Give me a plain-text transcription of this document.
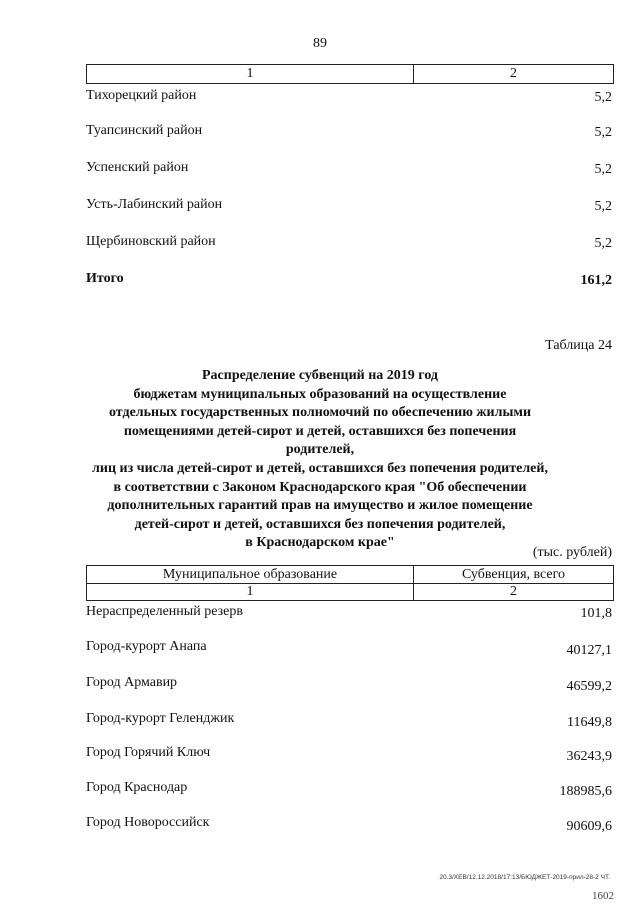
89
1	2
Тихорецкий район	5,2
Туапсинский район	5,2
Успенский район	5,2
Усть-Лабинский район	5,2
Щербиновский район	5,2
Итого	161,2
Таблица 24
Распределение субвенций на 2019 год
бюджетам муниципальных образований на осуществление
отдельных государственных полномочий по обеспечению жилыми
помещениями детей-сирот и детей, оставшихся без попечения родителей,
лиц из числа детей-сирот и детей, оставшихся без попечения родителей,
в соответствии с Законом Краснодарского края "Об обеспечении
дополнительных гарантий прав на имущество и жилое помещение
детей-сирот и детей, оставшихся без попечения родителей,
в Краснодарском крае"
(тыс. рублей)
Муниципальное образование	Субвенция, всего
1	2
Нераспределенный резерв	101,8
Город-курорт Анапа	40127,1
Город Армавир	46599,2
Город-курорт Геленджик	11649,8
Город Горячий Ключ	36243,9
Город Краснодар	188985,6
Город Новороссийск	90609,6
20.3/XEB/12.12.2018/17:13/БЮДЖЕТ-2019-прил-28-2 ЧТ.
1602
